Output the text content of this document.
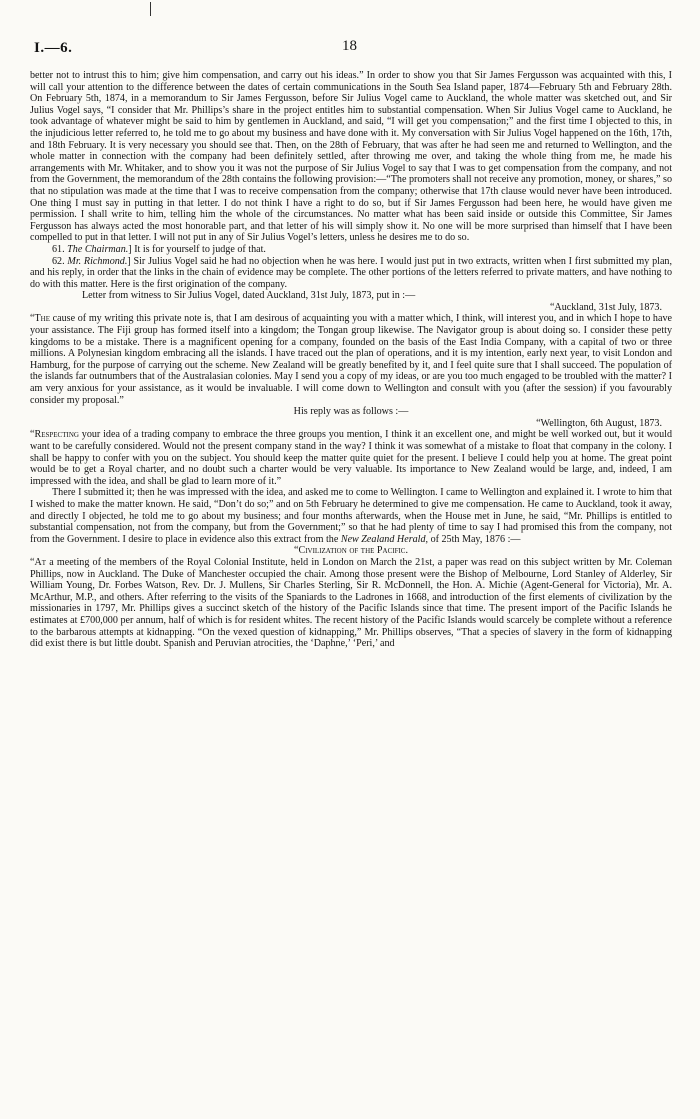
I.—6.	18

better not to intrust this to him; give him compensation, and carry out his ideas.” In order to show you that Sir James Fergusson was acquainted with this, I will call your attention to the difference between the dates of certain communications in the South Sea Island paper, 1874—February 5th and February 28th. On February 5th, 1874, in a memorandum to Sir James Fergusson, before Sir Julius Vogel came to Auckland, the whole matter was sketched out, and Sir Julius Vogel says, “I consider that Mr. Phillips’s share in the project entitles him to substantial compensation. When Sir Julius Vogel came to Auckland, he took advantage of whatever might be said to him by gentlemen in Auckland, and said, “I will get you compensation;” and the first time I objected to this, in the injudicious letter referred to, he told me to go about my business and have done with it. My conversation with Sir Julius Vogel happened on the 16th, 17th, and 18th February. It is very necessary you should see that. Then, on the 28th of February, that was after he had seen me and returned to Wellington, and the whole matter in connection with the company had been definitely settled, after throwing me over, and taking the whole thing from me, he made his arrangements with Mr. Whitaker, and to show you it was not the purpose of Sir Julius Vogel to say that I was to get compensation from the company, and not from the Government, the memorandum of the 28th contains the following provision:—“The promoters shall not receive any promotion, money, or shares,” so that no stipulation was made at the time that I was to receive compensation from the company; otherwise that 17th clause would never have been introduced. One thing I must say in putting in that letter. I do not think I have a right to do so, but if Sir James Fergusson had been here, he would have given me permission. I shall write to him, telling him the whole of the circumstances. No matter what has been said inside or outside this Committee, Sir James Fergusson has always acted the most honorable part, and that letter of his will simply show it. No one will be more surprised than himself that I have been compelled to put in that letter. I will not put in any of Sir Julius Vogel’s letters, unless he desires me to do so.

61. The Chairman.] It is for yourself to judge of that.

62. Mr. Richmond.] Sir Julius Vogel said he had no objection when he was here. I would just put in two extracts, written when I first submitted my plan, and his reply, in order that the links in the chain of evidence may be complete. The other portions of the letters referred to private matters, and have nothing to do with this matter. Here is the first origination of the company.

Letter from witness to Sir Julius Vogel, dated Auckland, 31st July, 1873, put in :—

“Auckland, 31st July, 1873.

“The cause of my writing this private note is, that I am desirous of acquainting you with a matter which, I think, will interest you, and in which I hope to have your assistance. The Fiji group has formed itself into a kingdom; the Tongan group likewise. The Navigator group is about doing so. I consider these petty kingdoms to be a mistake. There is a magnificent opening for a company, founded on the basis of the East India Company, with a capital of two or three millions. A Polynesian kingdom embracing all the islands. I have traced out the plan of operations, and it is my intention, early next year, to visit London and Hamburg, for the purpose of carrying out the scheme. New Zealand will be greatly benefited by it, and I feel quite sure that I shall succeed. The population of the islands far outnumbers that of the Australasian colonies. May I send you a copy of my ideas, or are you too much engaged to be troubled with the matter? I am very anxious for your assistance, as it would be invaluable. I will come down to Wellington and consult with you (after the session) if you favourably consider my proposal.”

His reply was as follows :—

“Wellington, 6th August, 1873.

“Respecting your idea of a trading company to embrace the three groups you mention, I think it an excellent one, and might be well worked out, but it would want to be carefully considered. Would not the present company stand in the way? I think it was somewhat of a mistake to float that company in the colony. I shall be happy to confer with you on the subject. You should keep the matter quite quiet for the present. I believe I could help you at home. The great point would be to get a Royal charter, and no doubt such a charter would be very valuable. Its importance to New Zealand would be large, and, indeed, I am impressed with the idea, and shall be glad to learn more of it.”

There I submitted it; then he was impressed with the idea, and asked me to come to Wellington. I came to Wellington and explained it. I wrote to him that I wished to make the matter known. He said, “Don’t do so;” and on 5th February he determined to give me compensation. He came to Auckland, took it away, and directly I objected, he told me to go about my business; and four months afterwards, when the House met in June, he said, “Mr. Phillips is entitled to substantial compensation, not from the company, but from the Government;” so that he had plenty of time to say I had promised this from the company, not from the Government. I desire to place in evidence also this extract from the New Zealand Herald, of 25th May, 1876 :—

“Civilization of the Pacific.

“At a meeting of the members of the Royal Colonial Institute, held in London on March the 21st, a paper was read on this subject written by Mr. Coleman Phillips, now in Auckland. The Duke of Manchester occupied the chair. Among those present were the Bishop of Melbourne, Lord Stanley of Alderley, Sir William Young, Dr. Forbes Watson, Rev. Dr. J. Mullens, Sir Charles Sterling, Sir R. McDonnell, the Hon. A. Michie (Agent-General for Victoria), Mr. A. McArthur, M.P., and others. After referring to the visits of the Spaniards to the Ladrones in 1668, and introduction of the first elements of civilization by the missionaries in 1797, Mr. Phillips gives a succinct sketch of the history of the Pacific Islands since that time. The present import of the Pacific Islands he estimates at £700,000 per annum, half of which is for resident whites. The recent history of the Pacific Islands would scarcely be complete without a reference to the barbarous attempts at kidnapping. “On the vexed question of kidnapping,” Mr. Phillips observes, “That a species of slavery in the form of kidnapping did exist there is but little doubt. Spanish and Peruvian atrocities, the ‘Daphne,’ ‘Peri,’ and
